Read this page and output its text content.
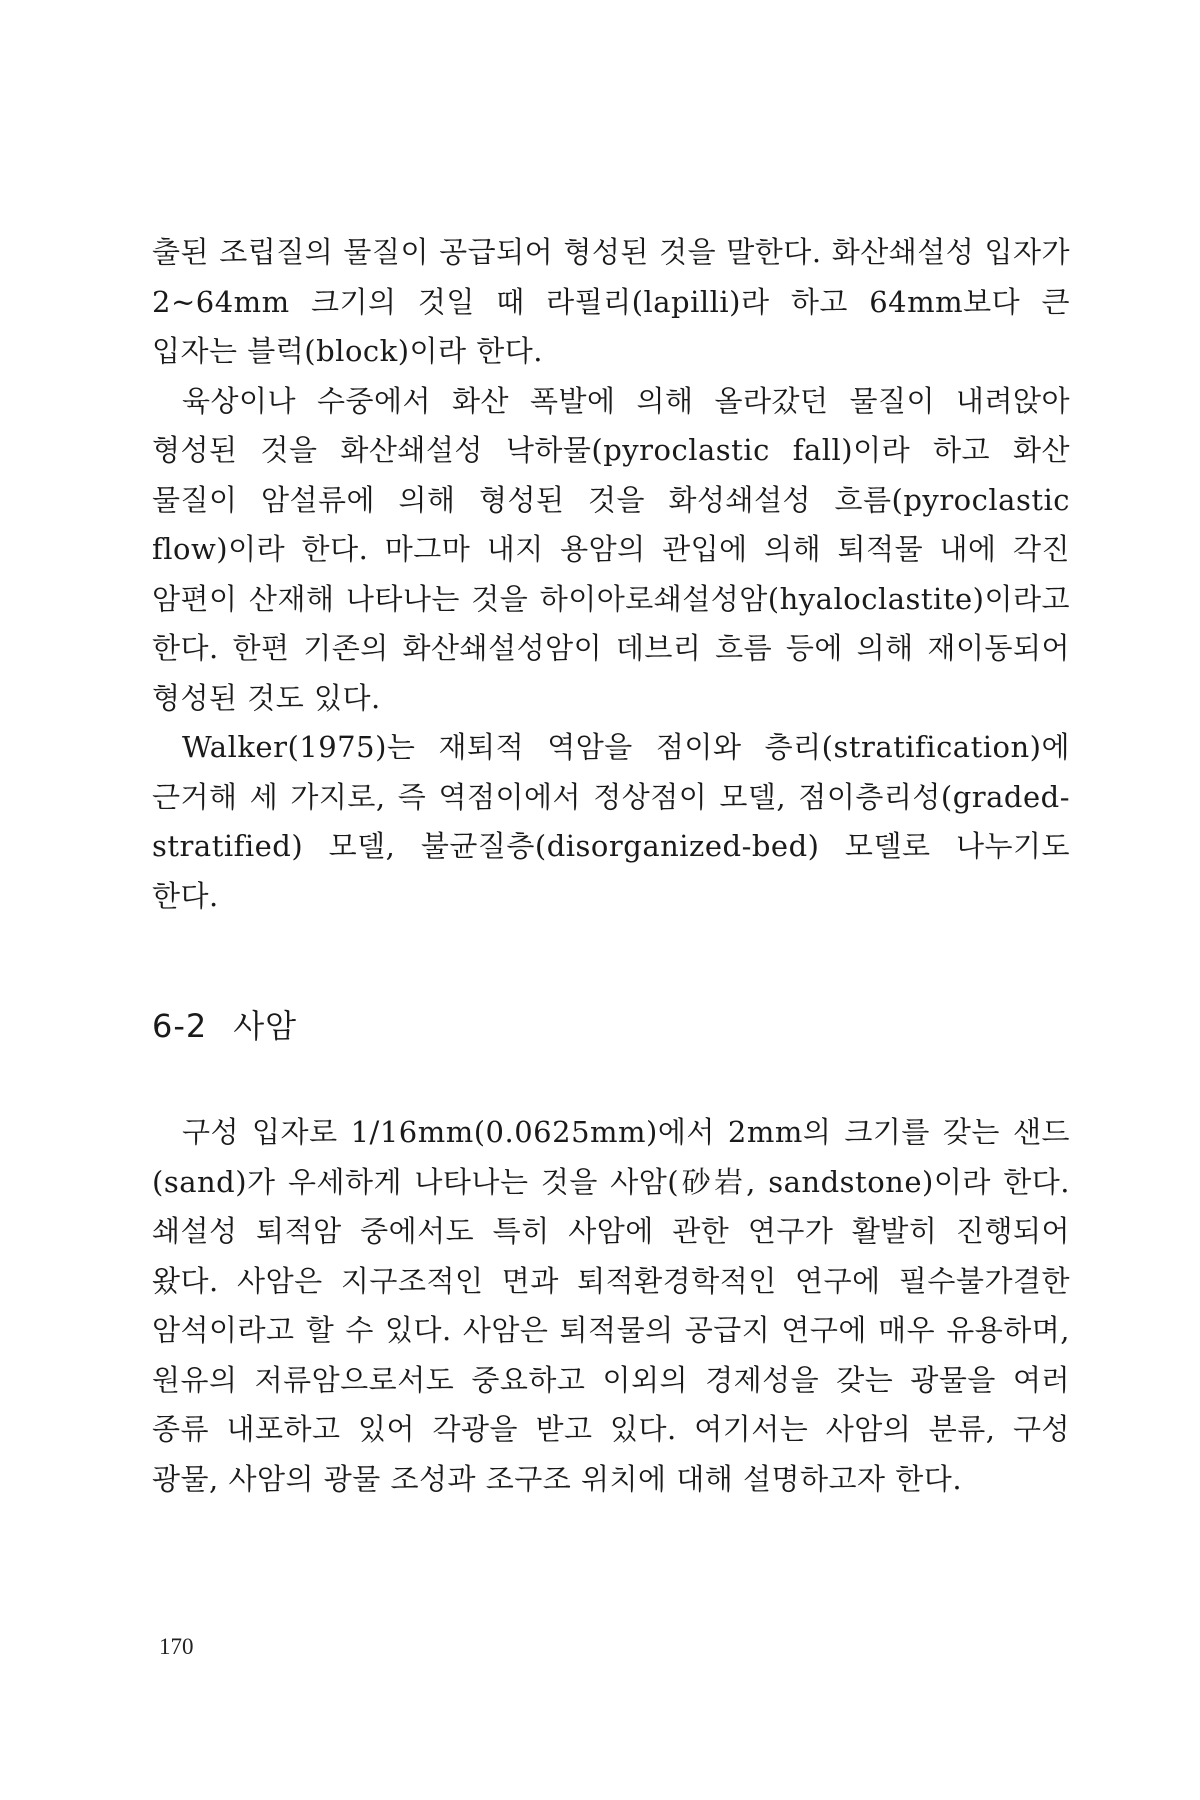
출된 조립질의 물질이 공급되어 형성된 것을 말한다. 화산쇄설성 입자가 2~64mm 크기의 것일 때 라필리(lapilli)라 하고 64mm보다 큰 입자는 블럭(block)이라 한다.

육상이나 수중에서 화산 폭발에 의해 올라갔던 물질이 내려앉아 형성된 것을 화산쇄설성 낙하물(pyroclastic fall)이라 하고 화산 물질이 암설류에 의해 형성된 것을 화성쇄설성 흐름(pyroclastic flow)이라 한다. 마그마 내지 용암의 관입에 의해 퇴적물 내에 각진 암편이 산재해 나타나는 것을 하이아로쇄설성암(hyaloclastite)이라고 한다. 한편 기존의 화산쇄설성암이 데브리 흐름 등에 의해 재이동되어 형성된 것도 있다.

Walker(1975)는 재퇴적 역암을 점이와 층리(stratification)에 근거해 세 가지로, 즉 역점이에서 정상점이 모델, 점이층리성(graded-stratified) 모델, 불균질층(disorganized-bed) 모델로 나누기도 한다.

6-2 사암

구성 입자로 1/16mm(0.0625mm)에서 2mm의 크기를 갖는 샌드(sand)가 우세하게 나타나는 것을 사암(砂岩, sandstone)이라 한다. 쇄설성 퇴적암 중에서도 특히 사암에 관한 연구가 활발히 진행되어 왔다. 사암은 지구조적인 면과 퇴적환경학적인 연구에 필수불가결한 암석이라고 할 수 있다. 사암은 퇴적물의 공급지 연구에 매우 유용하며, 원유의 저류암으로서도 중요하고 이외의 경제성을 갖는 광물을 여러 종류 내포하고 있어 각광을 받고 있다. 여기서는 사암의 분류, 구성 광물, 사암의 광물 조성과 조구조 위치에 대해 설명하고자 한다.

170
